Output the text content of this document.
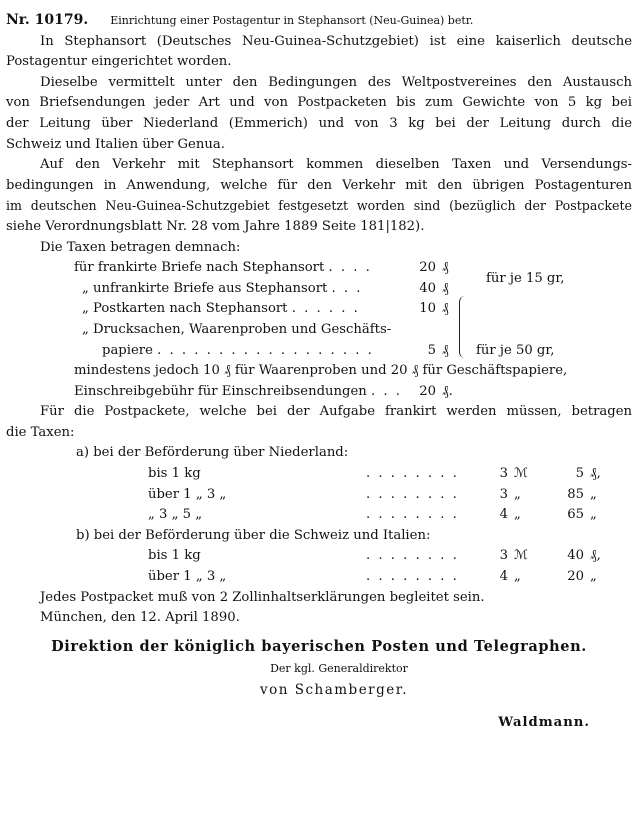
Nr. 10179. Einrichtung einer Postagentur in Stephansort (Neu-Guinea) betr.
In Stephansort (Deutsches Neu-Guinea-Schutzgebiet) ist eine kaiserlich deutsche
Postagentur eingerichtet worden.
Dieselbe vermittelt unter den Bedingungen des Weltpostvereines den Austausch
von Briefsendungen jeder Art und von Postpacketen bis zum Gewichte von 5 kg bei
der Leitung über Niederland (Emmerich) und von 3 kg bei der Leitung durch die
Schweiz und Italien über Genua.
Auf den Verkehr mit Stephansort kommen dieselben Taxen und Versendungs-
bedingungen in Anwendung, welche für den Verkehr mit den übrigen Postagenturen
im deutschen Neu-Guinea-Schutzgebiet festgesetzt worden sind (bezüglich der Postpackete
siehe Verordnungsblatt Nr. 28 vom Jahre 1889 Seite 181|182).
Die Taxen betragen demnach:
für frankirte Briefe nach Stephansort . . . .	20 ₰
für je 15 gr,
„ unfrankirte Briefe aus Stephansort . . .	40 ₰
„ Postkarten nach Stephansort . . . . . .	10 ₰
„ Drucksachen, Waarenproben und Geschäfts-
papiere . . . . . . . . . . . . . . . . . .	5 ₰	für je 50 gr,
mindestens jedoch 10 ₰ für Waarenproben und 20 ₰ für Geschäftspapiere,
Einschreibgebühr für Einschreibsendungen . . .	20 ₰.
Für die Postpackete, welche bei der Aufgabe frankirt werden müssen, betragen
die Taxen:
a) bei der Beförderung über Niederland:
bis 1 kg	. . . . . . . .	3 ℳ	5 ₰,
über 1 „ 3 „	. . . . . . . .	3 „	85 „
„ 3 „ 5 „	. . . . . . . .	4 „	65 „
b) bei der Beförderung über die Schweiz und Italien:
bis 1 kg	. . . . . . . .	3 ℳ	40 ₰,
über 1 „ 3 „	. . . . . . . .	4 „	20 „
Jedes Postpacket muß von 2 Zollinhaltserklärungen begleitet sein.
München, den 12. April 1890.
Direktion der königlich bayerischen Posten und Telegraphen.
Der kgl. Generaldirektor
von Schamberger.
Waldmann.
